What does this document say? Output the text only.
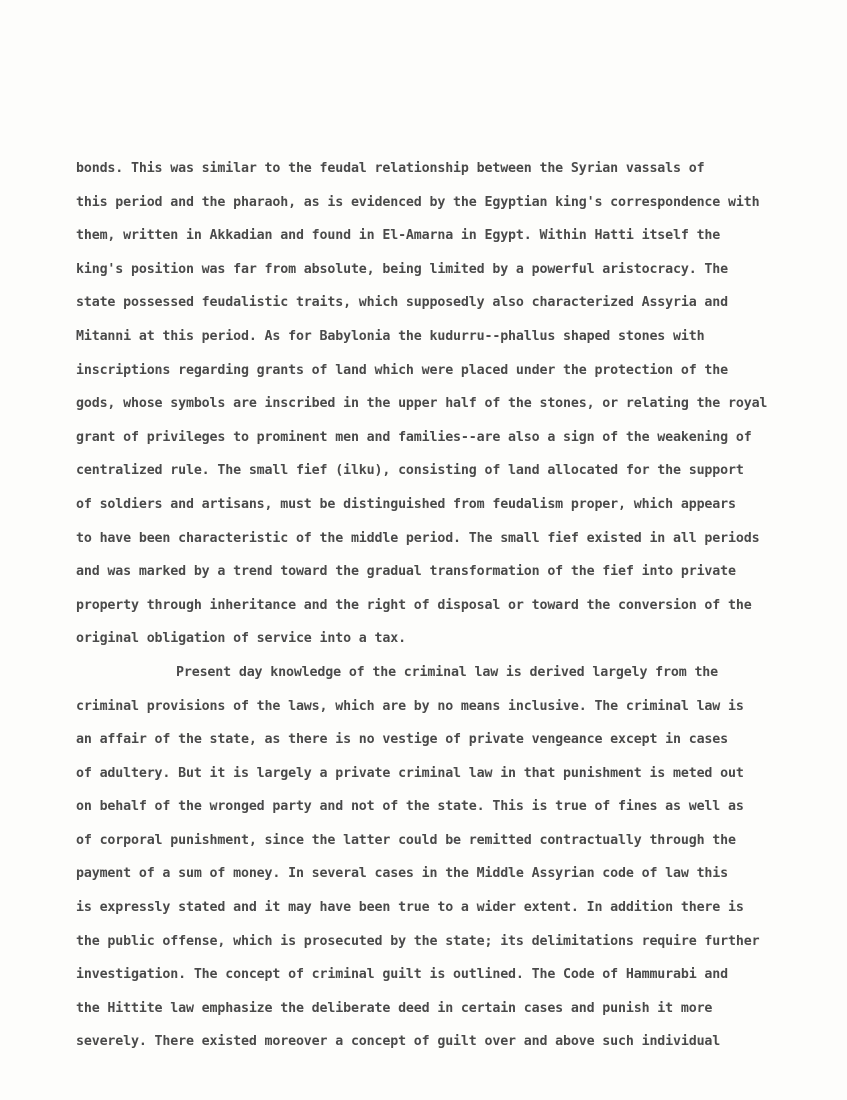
bonds. This was similar to the feudal relationship between the Syrian vassals of
this period and the pharaoh, as is evidenced by the Egyptian king's correspondence with
them, written in Akkadian and found in El-Amarna in Egypt. Within Hatti itself the
king's position was far from absolute, being limited by a powerful aristocracy. The
state possessed feudalistic traits, which supposedly also characterized Assyria and
Mitanni at this period. As for Babylonia the kudurru--phallus shaped stones with
inscriptions regarding grants of land which were placed under the protection of the
gods, whose symbols are inscribed in the upper half of the stones, or relating the royal
grant of privileges to prominent men and families--are also a sign of the weakening of
centralized rule. The small fief (ilku), consisting of land allocated for the support
of soldiers and artisans, must be distinguished from feudalism proper, which appears
to have been characteristic of the middle period. The small fief existed in all periods
and was marked by a trend toward the gradual transformation of the fief into private
property through inheritance and the right of disposal or toward the conversion of the
original obligation of service into a tax.
Present day knowledge of the criminal law is derived largely from the
criminal provisions of the laws, which are by no means inclusive. The criminal law is
an affair of the state, as there is no vestige of private vengeance except in cases
of adultery. But it is largely a private criminal law in that punishment is meted out
on behalf of the wronged party and not of the state. This is true of fines as well as
of corporal punishment, since the latter could be remitted contractually through the
payment of a sum of money. In several cases in the Middle Assyrian code of law this
is expressly stated and it may have been true to a wider extent. In addition there is
the public offense, which is prosecuted by the state; its delimitations require further
investigation. The concept of criminal guilt is outlined. The Code of Hammurabi and
the Hittite law emphasize the deliberate deed in certain cases and punish it more
severely. There existed moreover a concept of guilt over and above such individual
